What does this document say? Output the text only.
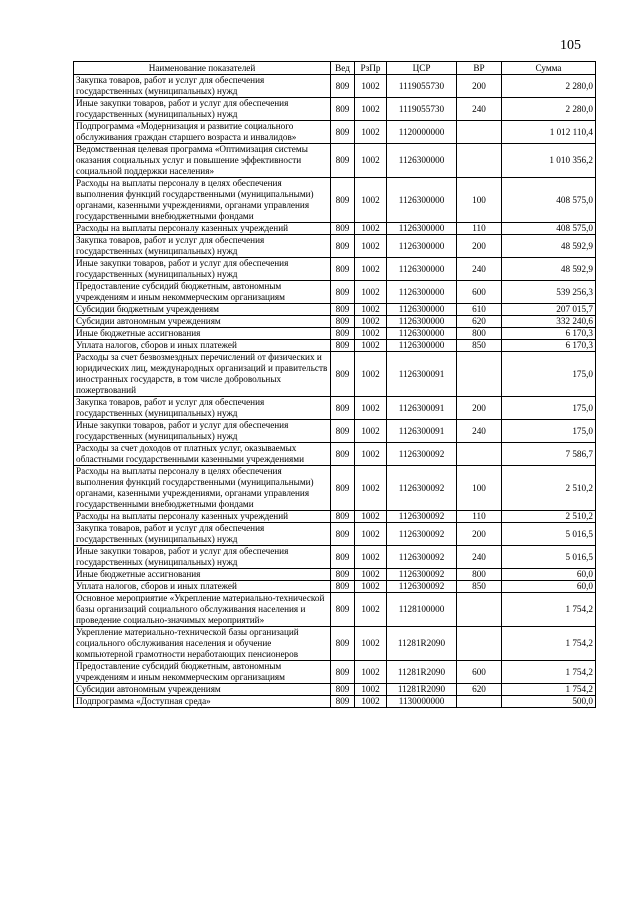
105
Наименование показателей	Вед	РзПр	ЦСР	ВР	Сумма
Закупка товаров, работ и услуг для обеспечения государственных (муниципальных) нужд	809	1002	1119055730	200	2 280,0
Иные закупки товаров, работ и услуг для обеспечения государственных (муниципальных) нужд	809	1002	1119055730	240	2 280,0
Подпрограмма «Модернизация и развитие социального обслуживания граждан старшего возраста и инвалидов»	809	1002	1120000000		1 012 110,4
Ведомственная целевая программа «Оптимизация системы оказания социальных услуг и повышение эффективности социальной поддержки населения»	809	1002	1126300000		1 010 356,2
Расходы на выплаты персоналу в целях обеспечения выполнения функций государственными (муниципальными) органами, казенными учреждениями, органами управления государственными внебюджетными фондами	809	1002	1126300000	100	408 575,0
Расходы на выплаты персоналу казенных учреждений	809	1002	1126300000	110	408 575,0
Закупка товаров, работ и услуг для обеспечения государственных (муниципальных) нужд	809	1002	1126300000	200	48 592,9
Иные закупки товаров, работ и услуг для обеспечения государственных (муниципальных) нужд	809	1002	1126300000	240	48 592,9
Предоставление субсидий бюджетным, автономным учреждениям и иным некоммерческим организациям	809	1002	1126300000	600	539 256,3
Субсидии бюджетным учреждениям	809	1002	1126300000	610	207 015,7
Субсидии автономным учреждениям	809	1002	1126300000	620	332 240,6
Иные бюджетные ассигнования	809	1002	1126300000	800	6 170,3
Уплата налогов, сборов и иных платежей	809	1002	1126300000	850	6 170,3
Расходы за счет безвозмездных перечислений от физических и юридических лиц, международных организаций и правительств иностранных государств, в том числе добровольных пожертвований	809	1002	1126300091		175,0
Закупка товаров, работ и услуг для обеспечения государственных (муниципальных) нужд	809	1002	1126300091	200	175,0
Иные закупки товаров, работ и услуг для обеспечения государственных (муниципальных) нужд	809	1002	1126300091	240	175,0
Расходы за счет доходов от платных услуг, оказываемых областными государственными казенными учреждениями	809	1002	1126300092		7 586,7
Расходы на выплаты персоналу в целях обеспечения выполнения функций государственными (муниципальными) органами, казенными учреждениями, органами управления государственными внебюджетными фондами	809	1002	1126300092	100	2 510,2
Расходы на выплаты персоналу казенных учреждений	809	1002	1126300092	110	2 510,2
Закупка товаров, работ и услуг для обеспечения государственных (муниципальных) нужд	809	1002	1126300092	200	5 016,5
Иные закупки товаров, работ и услуг для обеспечения государственных (муниципальных) нужд	809	1002	1126300092	240	5 016,5
Иные бюджетные ассигнования	809	1002	1126300092	800	60,0
Уплата налогов, сборов и иных платежей	809	1002	1126300092	850	60,0
Основное мероприятие «Укрепление материально-технической базы организаций социального обслуживания населения и проведение социально-значимых мероприятий»	809	1002	1128100000		1 754,2
Укрепление материально-технической базы организаций социального обслуживания населения и обучение компьютерной грамотности неработающих пенсионеров	809	1002	11281R2090		1 754,2
Предоставление субсидий бюджетным, автономным учреждениям и иным некоммерческим организациям	809	1002	11281R2090	600	1 754,2
Субсидии автономным учреждениям	809	1002	11281R2090	620	1 754,2
Подпрограмма «Доступная среда»	809	1002	1130000000		500,0
